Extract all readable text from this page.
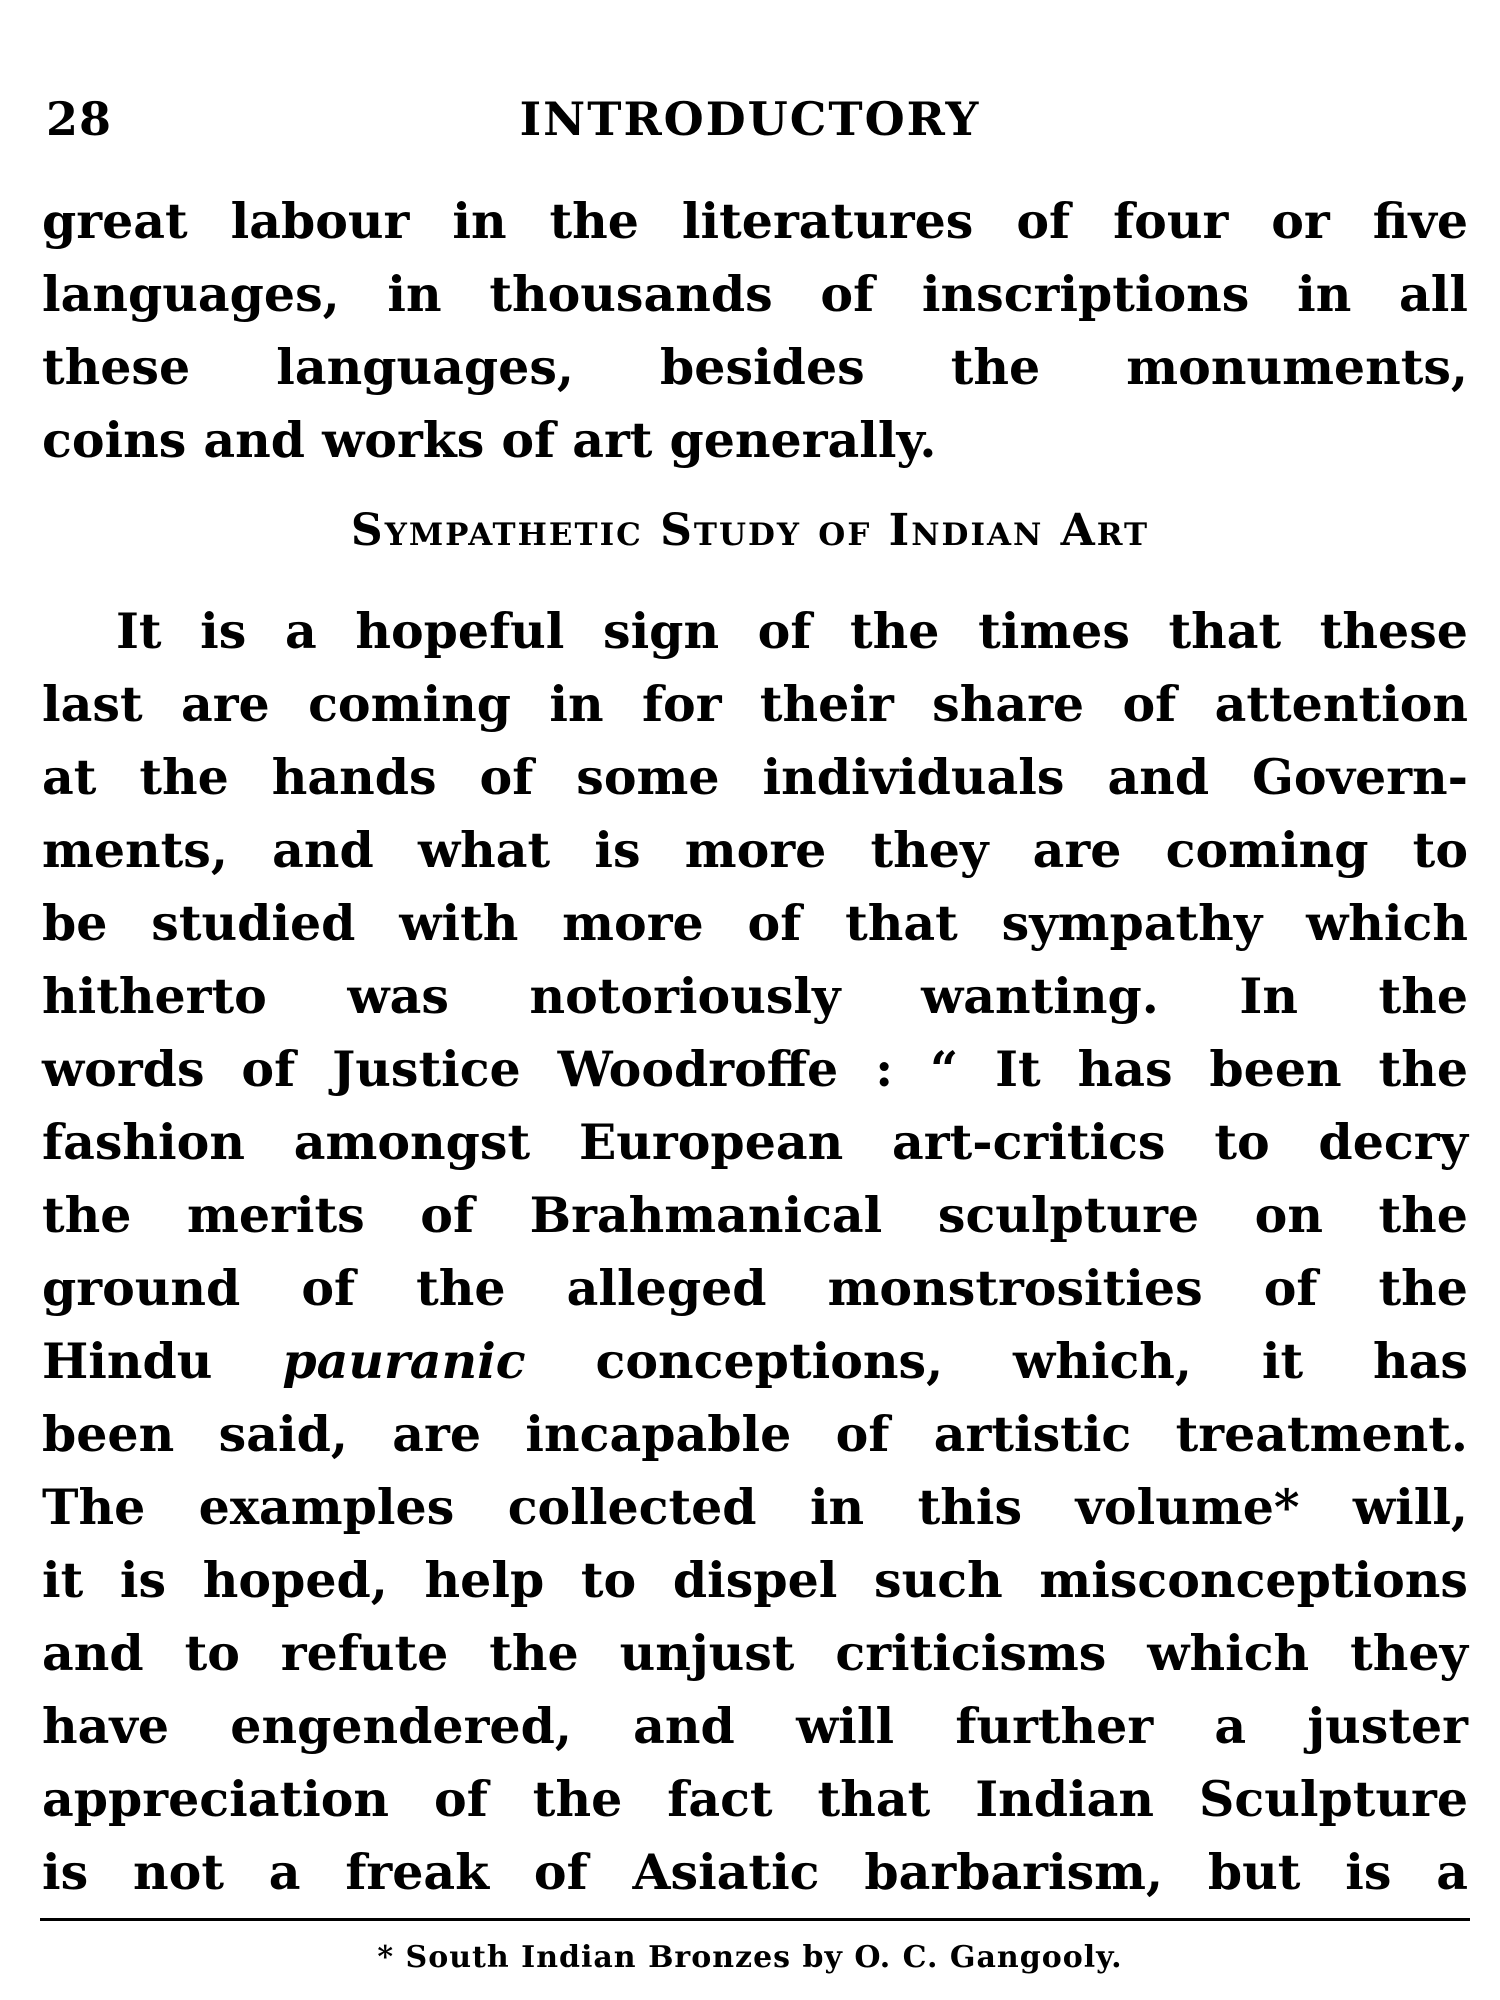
28	INTRODUCTORY
great labour in the literatures of four or five
languages, in thousands of inscriptions in all
these languages, besides the monuments,
coins and works of art generally.
Sympathetic Study of Indian Art
It is a hopeful sign of the times that these
last are coming in for their share of attention
at the hands of some individuals and Govern-
ments, and what is more they are coming to
be studied with more of that sympathy which
hitherto was notoriously wanting. In the
words of Justice Woodroffe : “ It has been the
fashion amongst European art-critics to decry
the merits of Brahmanical sculpture on the
ground of the alleged monstrosities of the
Hindu pauranic conceptions, which, it has
been said, are incapable of artistic treatment.
The examples collected in this volume* will,
it is hoped, help to dispel such misconceptions
and to refute the unjust criticisms which they
have engendered, and will further a juster
appreciation of the fact that Indian Sculpture
is not a freak of Asiatic barbarism, but is a
* South Indian Bronzes by O. C. Gangooly.
